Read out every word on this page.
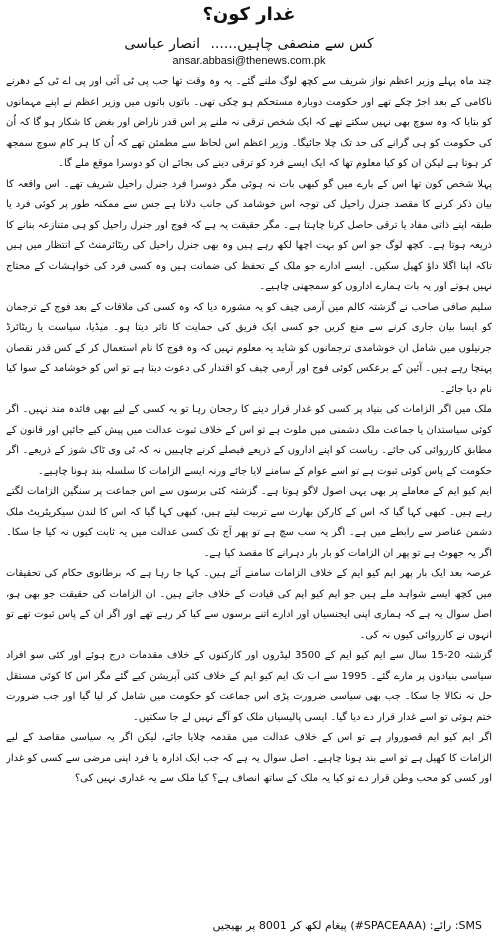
غدار کون؟
کس سے منصفی چاہیں...... انصار عباسی
ansar.abbasi@thenews.com.pk

چند ماہ پہلے وزیر اعظم نواز شریف سے کچھ لوگ ملنے گئے۔ یہ وہ وقت تھا جب پی ٹی آئی اور پی اے ٹی کے دھرنے ناکامی کے بعد اجڑ چکے تھے اور حکومت دوبارہ مستحکم ہو چکی تھی۔ باتوں باتوں میں وزیر اعظم نے اپنے مہمانوں کو بتایا کہ وہ سوچ بھی نہیں سکتے تھے کہ ایک شخص ترقی نہ ملنے پر اس قدر ناراض اور بغض کا شکار ہو گا کہ اُن کی حکومت کو ہی گرانے کی حد تک چلا جائیگا۔ وزیر اعظم اس لحاظ سے مطمئن تھے کہ اُن کا ہر کام سوچ سمجھ کر ہوتا ہے لیکن ان کو کیا معلوم تھا کہ ایک ایسے فرد کو ترقی دینے کی بجائے ان کو دوسرا موقع ملے گا۔

پہلا شخص کون تھا اس کے بارے میں گو کبھی بات نہ ہوئی مگر دوسرا فرد جنرل راحیل شریف تھے۔ اس واقعہ کا بیان ذکر کرنے کا مقصد جنرل راحیل کی توجہ اس خوشامد کی جانب دلانا ہے جس سے ممکنہ طور پر کوئی فرد یا طبقہ اپنے ذاتی مفاد یا ترقی حاصل کرنا چاہتا ہے۔ مگر حقیقت یہ ہے کہ فوج اور جنرل راحیل کو ہی متنازعہ بنانے کا ذریعہ ہوتا ہے۔ کچھ لوگ جو اس کو بہت اچھا لکھ رہے ہیں وہ بھی جنرل راحیل کی ریٹائرمنٹ کے انتظار میں ہیں تاکہ اپنا اگلا داؤ کھیل سکیں۔ ایسے ادارے جو ملک کے تحفظ کی ضمانت ہیں وہ کسی فرد کی خواہشات کے محتاج نہیں ہوتے اور یہ بات ہمارے اداروں کو سمجھنی چاہیے۔

سلیم صافی صاحب نے گزشتہ کالم میں آرمی چیف کو یہ مشورہ دیا کہ وہ کسی کی ملاقات کے بعد فوج کے ترجمان کو ایسا بیان جاری کرنے سے منع کریں جو کسی ایک فریق کی حمایت کا تاثر دیتا ہو۔ میڈیا، سیاست یا ریٹائرڈ جرنیلوں میں شامل ان خوشامدی ترجمانوں کو شاید یہ معلوم نہیں کہ وہ فوج کا نام استعمال کر کے کس قدر نقصان پہنچا رہے ہیں۔ آئین کے برعکس کوئی فوج اور آرمی چیف کو اقتدار کی دعوت دیتا ہے تو اس کو خوشامد کے سوا کیا نام دیا جائے۔

ملک میں اگر الزامات کی بنیاد پر کسی کو غدار قرار دینے کا رجحان رہا تو یہ کسی کے لیے بھی فائدہ مند نہیں۔ اگر کوئی سیاستدان یا جماعت ملک دشمنی میں ملوث ہے تو اس کے خلاف ثبوت عدالت میں پیش کیے جائیں اور قانون کے مطابق کارروائی کی جائے۔ ریاست کو اپنے اداروں کے ذریعے فیصلے کرنے چاہییں نہ کہ ٹی وی ٹاک شوز کے ذریعے۔ اگر حکومت کے پاس کوئی ثبوت ہے تو اسے عوام کے سامنے لایا جائے ورنہ ایسے الزامات کا سلسلہ بند ہونا چاہیے۔

ایم کیو ایم کے معاملے پر بھی یہی اصول لاگو ہوتا ہے۔ گزشتہ کئی برسوں سے اس جماعت پر سنگین الزامات لگتے رہے ہیں۔ کبھی کہا گیا کہ اس کے کارکن بھارت سے تربیت لیتے ہیں، کبھی کہا گیا کہ اس کا لندن سیکریٹریٹ ملک دشمن عناصر سے رابطے میں ہے۔ اگر یہ سب سچ ہے تو پھر آج تک کسی عدالت میں یہ ثابت کیوں نہ کیا جا سکا۔ اگر یہ جھوٹ ہے تو پھر ان الزامات کو بار بار دہرانے کا مقصد کیا ہے۔

عرصہ بعد ایک بار پھر ایم کیو ایم کے خلاف الزامات سامنے آئے ہیں۔ کہا جا رہا ہے کہ برطانوی حکام کی تحقیقات میں کچھ ایسے شواہد ملے ہیں جو ایم کیو ایم کی قیادت کے خلاف جاتے ہیں۔ ان الزامات کی حقیقت جو بھی ہو، اصل سوال یہ ہے کہ ہماری اپنی ایجنسیاں اور ادارے اتنے برسوں سے کیا کر رہے تھے اور اگر ان کے پاس ثبوت تھے تو انہوں نے کارروائی کیوں نہ کی۔

گزشتہ 20-15 سال سے ایم کیو ایم کے 3500 لیڈروں اور کارکنوں کے خلاف مقدمات درج ہوئے اور کئی سو افراد سیاسی بنیادوں پر مارے گئے۔ 1995 سے اب تک ایم کیو ایم کے خلاف کئی آپریشن کیے گئے مگر اس کا کوئی مستقل حل نہ نکالا جا سکا۔ جب بھی سیاسی ضرورت پڑی اس جماعت کو حکومت میں شامل کر لیا گیا اور جب ضرورت ختم ہوئی تو اسے غدار قرار دے دیا گیا۔ ایسی پالیسیاں ملک کو آگے نہیں لے جا سکتیں۔

اگر ایم کیو ایم قصوروار ہے تو اس کے خلاف عدالت میں مقدمہ چلایا جائے، لیکن اگر یہ سیاسی مقاصد کے لیے الزامات کا کھیل ہے تو اسے بند ہونا چاہیے۔ اصل سوال یہ ہے کہ جب ایک ادارہ یا فرد اپنی مرضی سے کسی کو غدار اور کسی کو محب وطن قرار دے تو کیا یہ ملک کے ساتھ انصاف ہے؟ کیا ملک سے یہ غداری نہیں کی؟

SMS: رائے: (SPACEAAA#) پیغام لکھ کر 8001 پر بھیجیں
